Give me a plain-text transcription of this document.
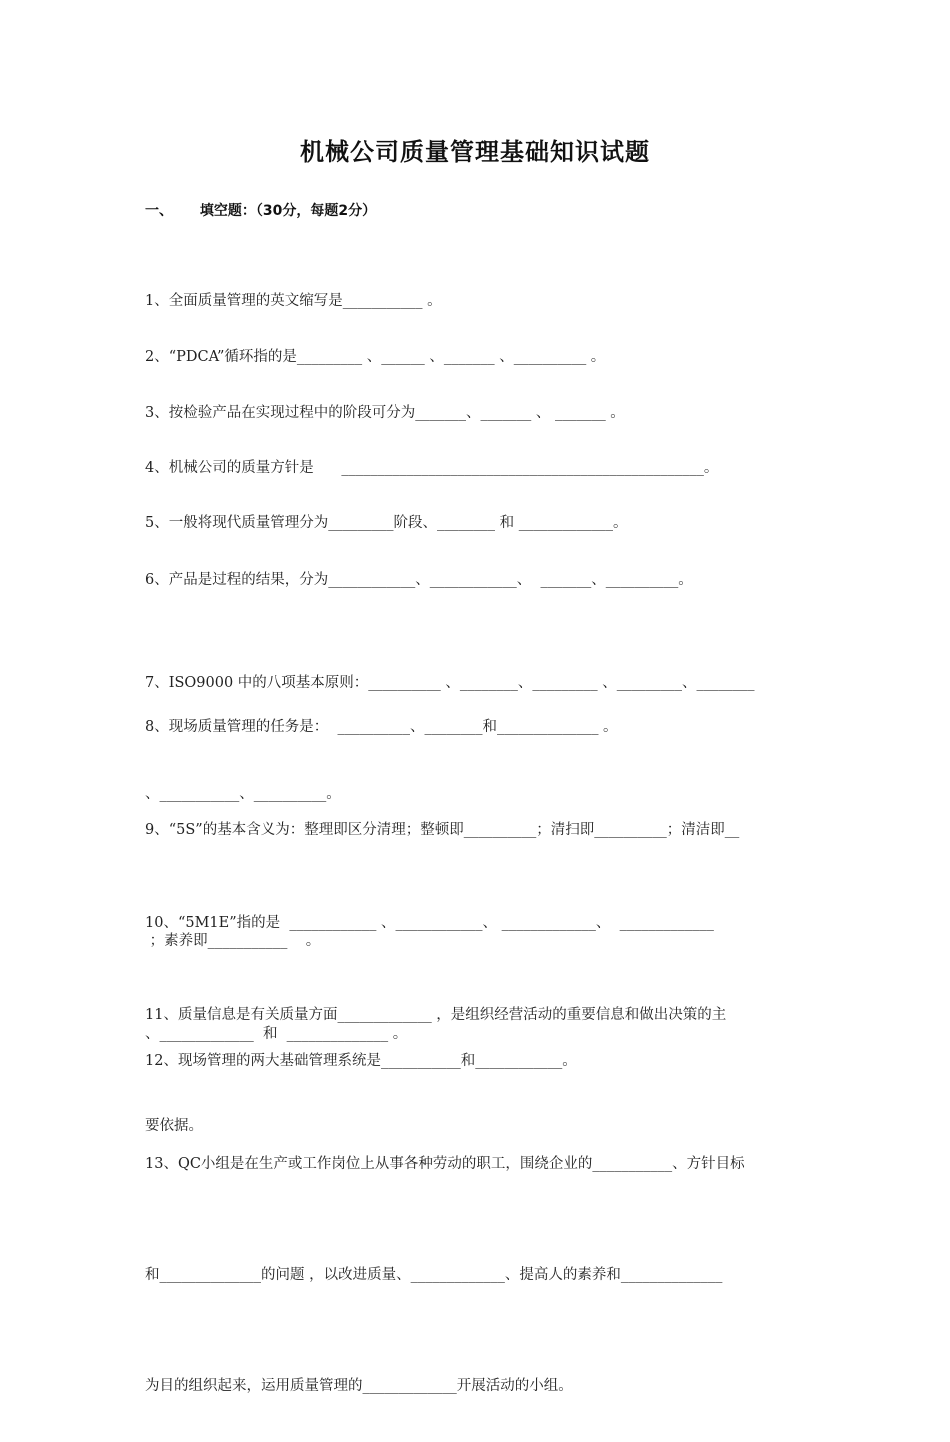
机械公司质量管理基础知识试题
一、 填空题：（30分，每题2分）

1、全面质量管理的英文缩写是___________ 。

2、“PDCA”循环指的是_________ 、______ 、_______ 、__________ 。

3、按检验产品在实现过程中的阶段可分为_______、_______ 、 _______ 。

4、机械公司的质量方针是      __________________________________________________。

5、一般将现代质量管理分为_________阶段、________ 和 _____________。

6、产品是过程的结果，分为____________、____________、  _______、__________。

7、ISO9000 中的八项基本原则：__________ 、________、_________ 、_________、________

、___________、__________。

8、现场质量管理的任务是：  __________、________和______________ 。

9、“5S”的基本含义为：整理即区分清理；整顿即__________；清扫即__________；清洁即__

；素养即___________    。

10、“5M1E”指的是  ____________ 、____________、 _____________、  _____________

、_____________  和  ______________ 。

11、质量信息是有关质量方面_____________ ，是组织经营活动的重要信息和做出决策的主

要依据。

12、现场管理的两大基础管理系统是___________和____________。

13、QC小组是在生产或工作岗位上从事各种劳动的职工，围绕企业的___________、方针目标

和______________的问题 ，以改进质量、_____________、提高人的素养和______________

为目的组织起来，运用质量管理的_____________开展活动的小组。
